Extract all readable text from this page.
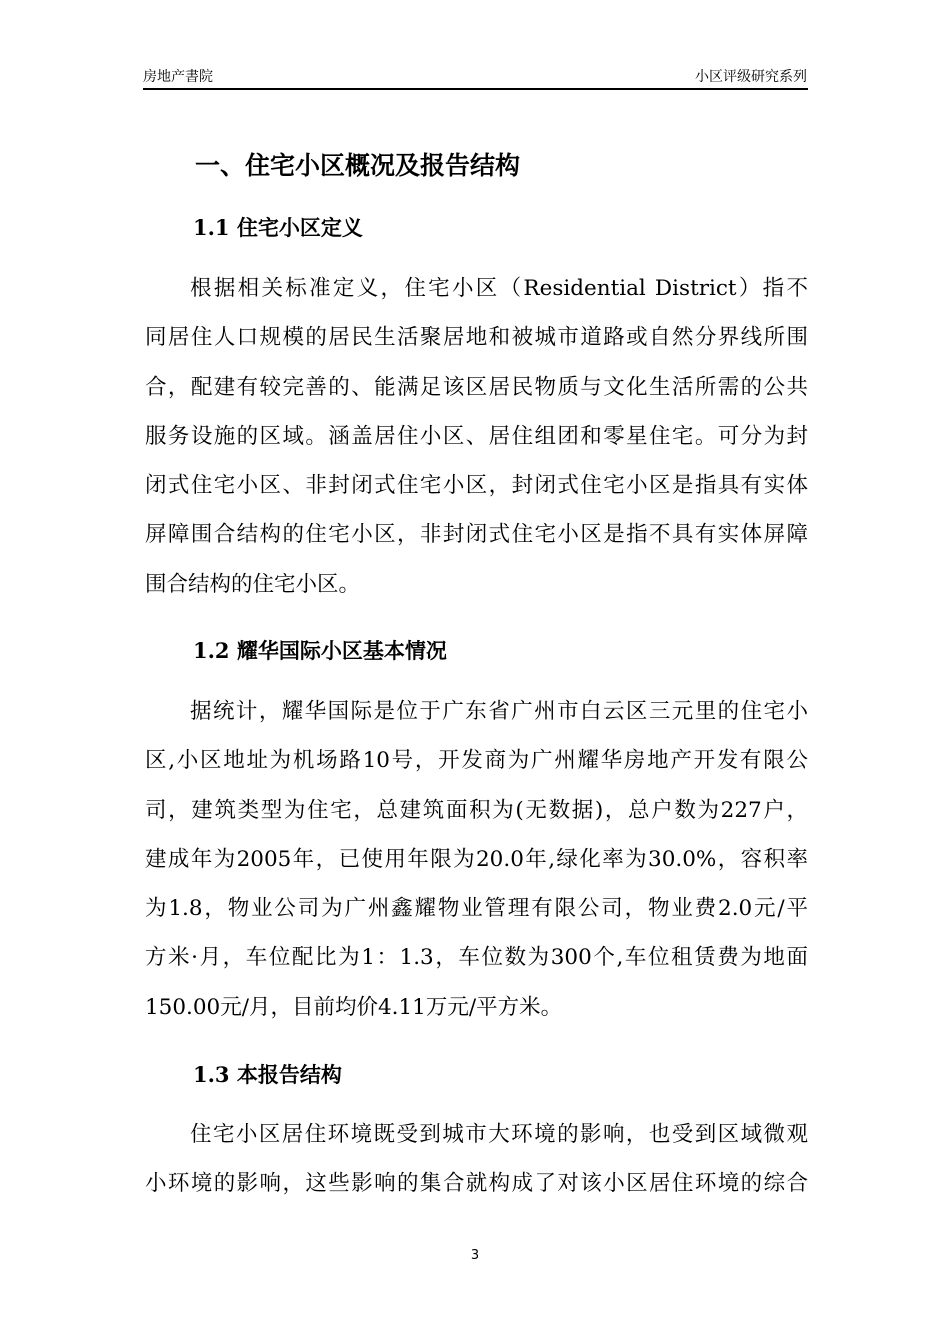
房地产書院	小区评级研究系列
一、住宅小区概况及报告结构
1.1 住宅小区定义
根据相关标准定义，住宅小区（Residential District）指不
同居住人口规模的居民生活聚居地和被城市道路或自然分界线所围
合，配建有较完善的、能满足该区居民物质与文化生活所需的公共
服务设施的区域。涵盖居住小区、居住组团和零星住宅。可分为封
闭式住宅小区、非封闭式住宅小区，封闭式住宅小区是指具有实体
屏障围合结构的住宅小区，非封闭式住宅小区是指不具有实体屏障
围合结构的住宅小区。
1.2 耀华国际小区基本情况
据统计，耀华国际是位于广东省广州市白云区三元里的住宅小
区,小区地址为机场路10号，开发商为广州耀华房地产开发有限公
司，建筑类型为住宅，总建筑面积为(无数据)，总户数为227户，
建成年为2005年，已使用年限为20.0年,绿化率为30.0%，容积率
为1.8，物业公司为广州鑫耀物业管理有限公司，物业费2.0元/平
方米·月，车位配比为1：1.3，车位数为300个,车位租赁费为地面
150.00元/月，目前均价4.11万元/平方米。
1.3 本报告结构
住宅小区居住环境既受到城市大环境的影响，也受到区域微观
小环境的影响，这些影响的集合就构成了对该小区居住环境的综合
3
